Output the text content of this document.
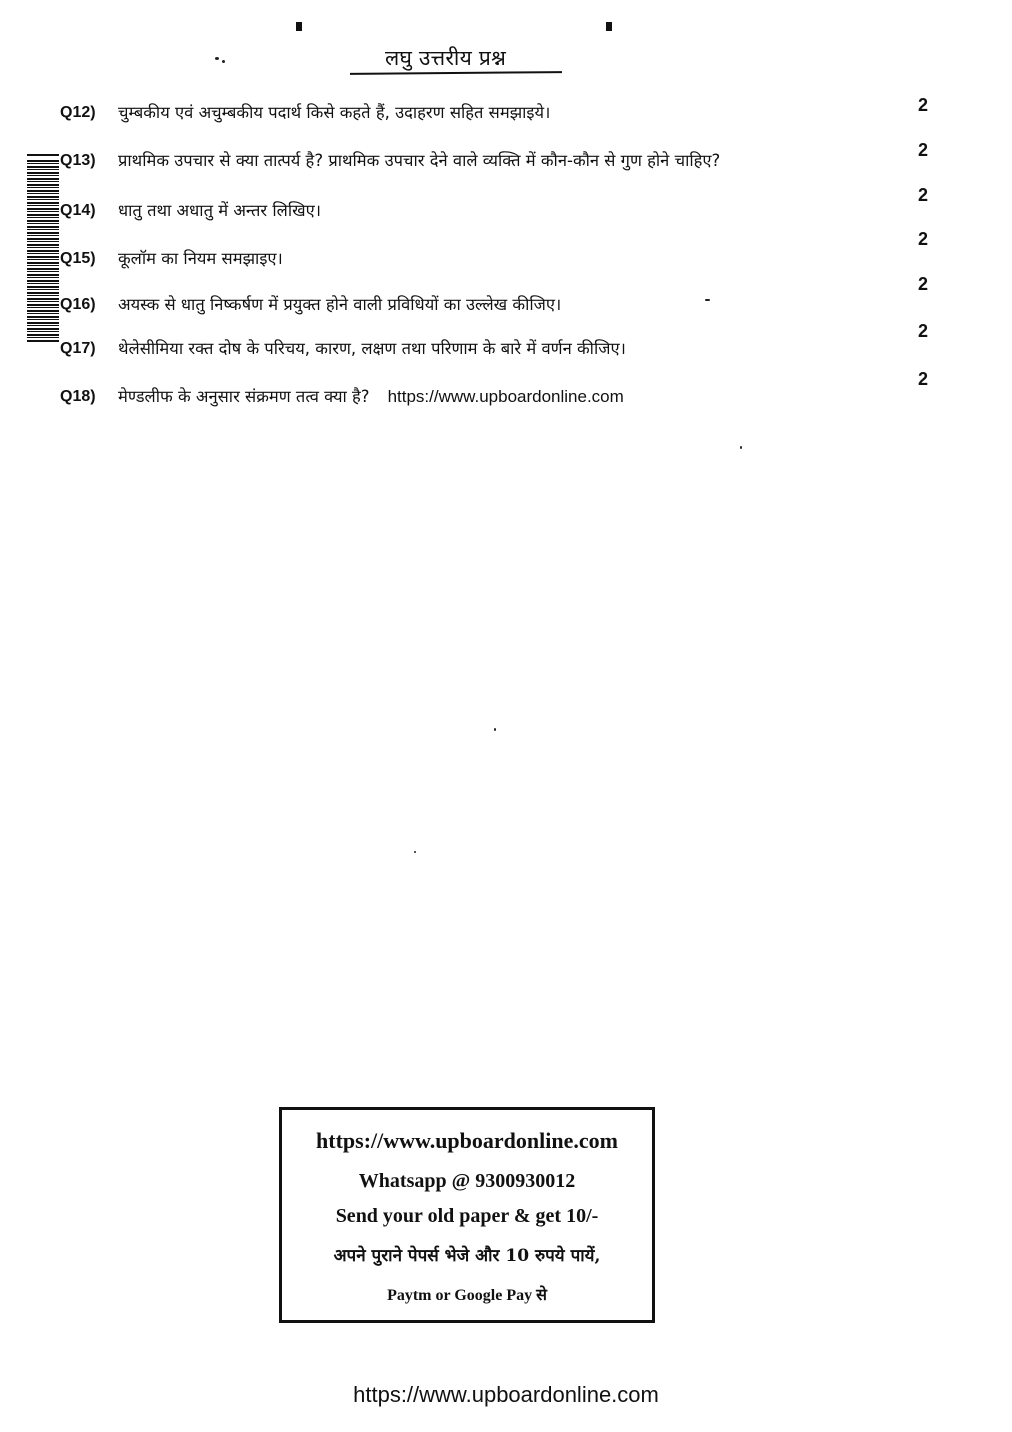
लघु उत्तरीय प्रश्न
Q12) चुम्बकीय एवं अचुम्बकीय पदार्थ किसे कहते हैं, उदाहरण सहित समझाइये।	2
Q13) प्राथमिक उपचार से क्या तात्पर्य है? प्राथमिक उपचार देने वाले व्यक्ति में कौन-कौन से गुण होने चाहिए?
2
Q14) धातु तथा अधातु में अन्तर लिखिए।
2
Q15) कूलॉम का नियम समझाइए।
2
Q16) अयस्क से धातु निष्कर्षण में प्रयुक्त होने वाली प्रविधियों का उल्लेख कीजिए।
2
Q17) थेलेसीमिया रक्त दोष के परिचय, कारण, लक्षण तथा परिणाम के बारे में वर्णन कीजिए।
2
Q18) मेण्डलीफ के अनुसार संक्रमण तत्व क्या है? https://www.upboardonline.com
2
https://www.upboardonline.com
Whatsapp @ 9300930012
Send your old paper & get 10/-
अपने पुराने पेपर्स भेजे और 10 रुपये पायें,
Paytm or Google Pay से
https://www.upboardonline.com
